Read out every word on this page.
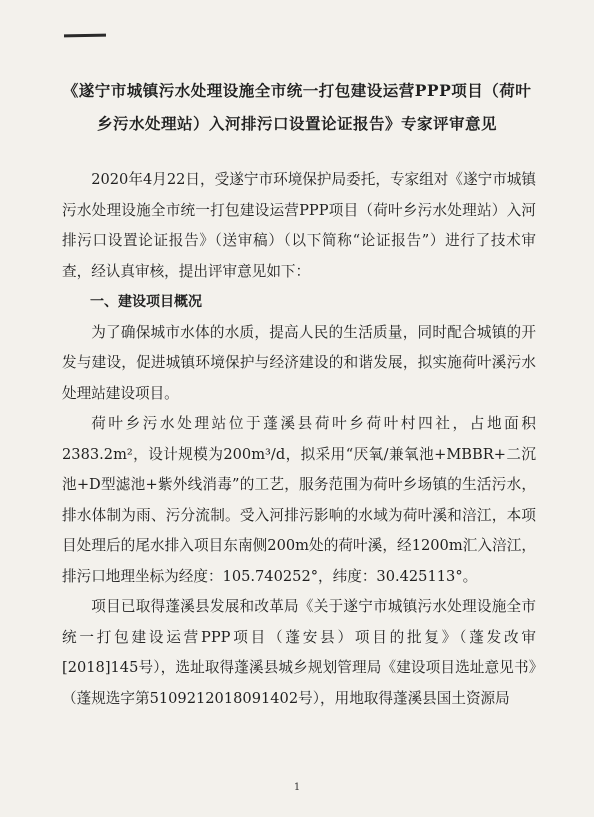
《遂宁市城镇污水处理设施全市统一打包建设运营PPP项目（荷叶乡污水处理站）入河排污口设置论证报告》专家评审意见

2020年4月22日，受遂宁市环境保护局委托，专家组对《遂宁市城镇污水处理设施全市统一打包建设运营PPP项目（荷叶乡污水处理站）入河排污口设置论证报告》（送审稿）（以下简称“论证报告”）进行了技术审查，经认真审核，提出评审意见如下：

一、建设项目概况

为了确保城市水体的水质，提高人民的生活质量，同时配合城镇的开发与建设，促进城镇环境保护与经济建设的和谐发展，拟实施荷叶溪污水处理站建设项目。

荷叶乡污水处理站位于蓬溪县荷叶乡荷叶村四社，占地面积2383.2m²，设计规模为200m³/d，拟采用“厌氧/兼氧池+MBBR+二沉池+D型滤池+紫外线消毒”的工艺，服务范围为荷叶乡场镇的生活污水，排水体制为雨、污分流制。受入河排污影响的水域为荷叶溪和涪江，本项目处理后的尾水排入项目东南侧200m处的荷叶溪，经1200m汇入涪江，排污口地理坐标为经度：105.740252°，纬度：30.425113°。

项目已取得蓬溪县发展和改革局《关于遂宁市城镇污水处理设施全市统一打包建设运营PPP项目（蓬安县）项目的批复》（蓬发改审[2018]145号），选址取得蓬溪县城乡规划管理局《建设项目选址意见书》（蓬规选字第5109212018091402号），用地取得蓬溪县国土资源局

1
